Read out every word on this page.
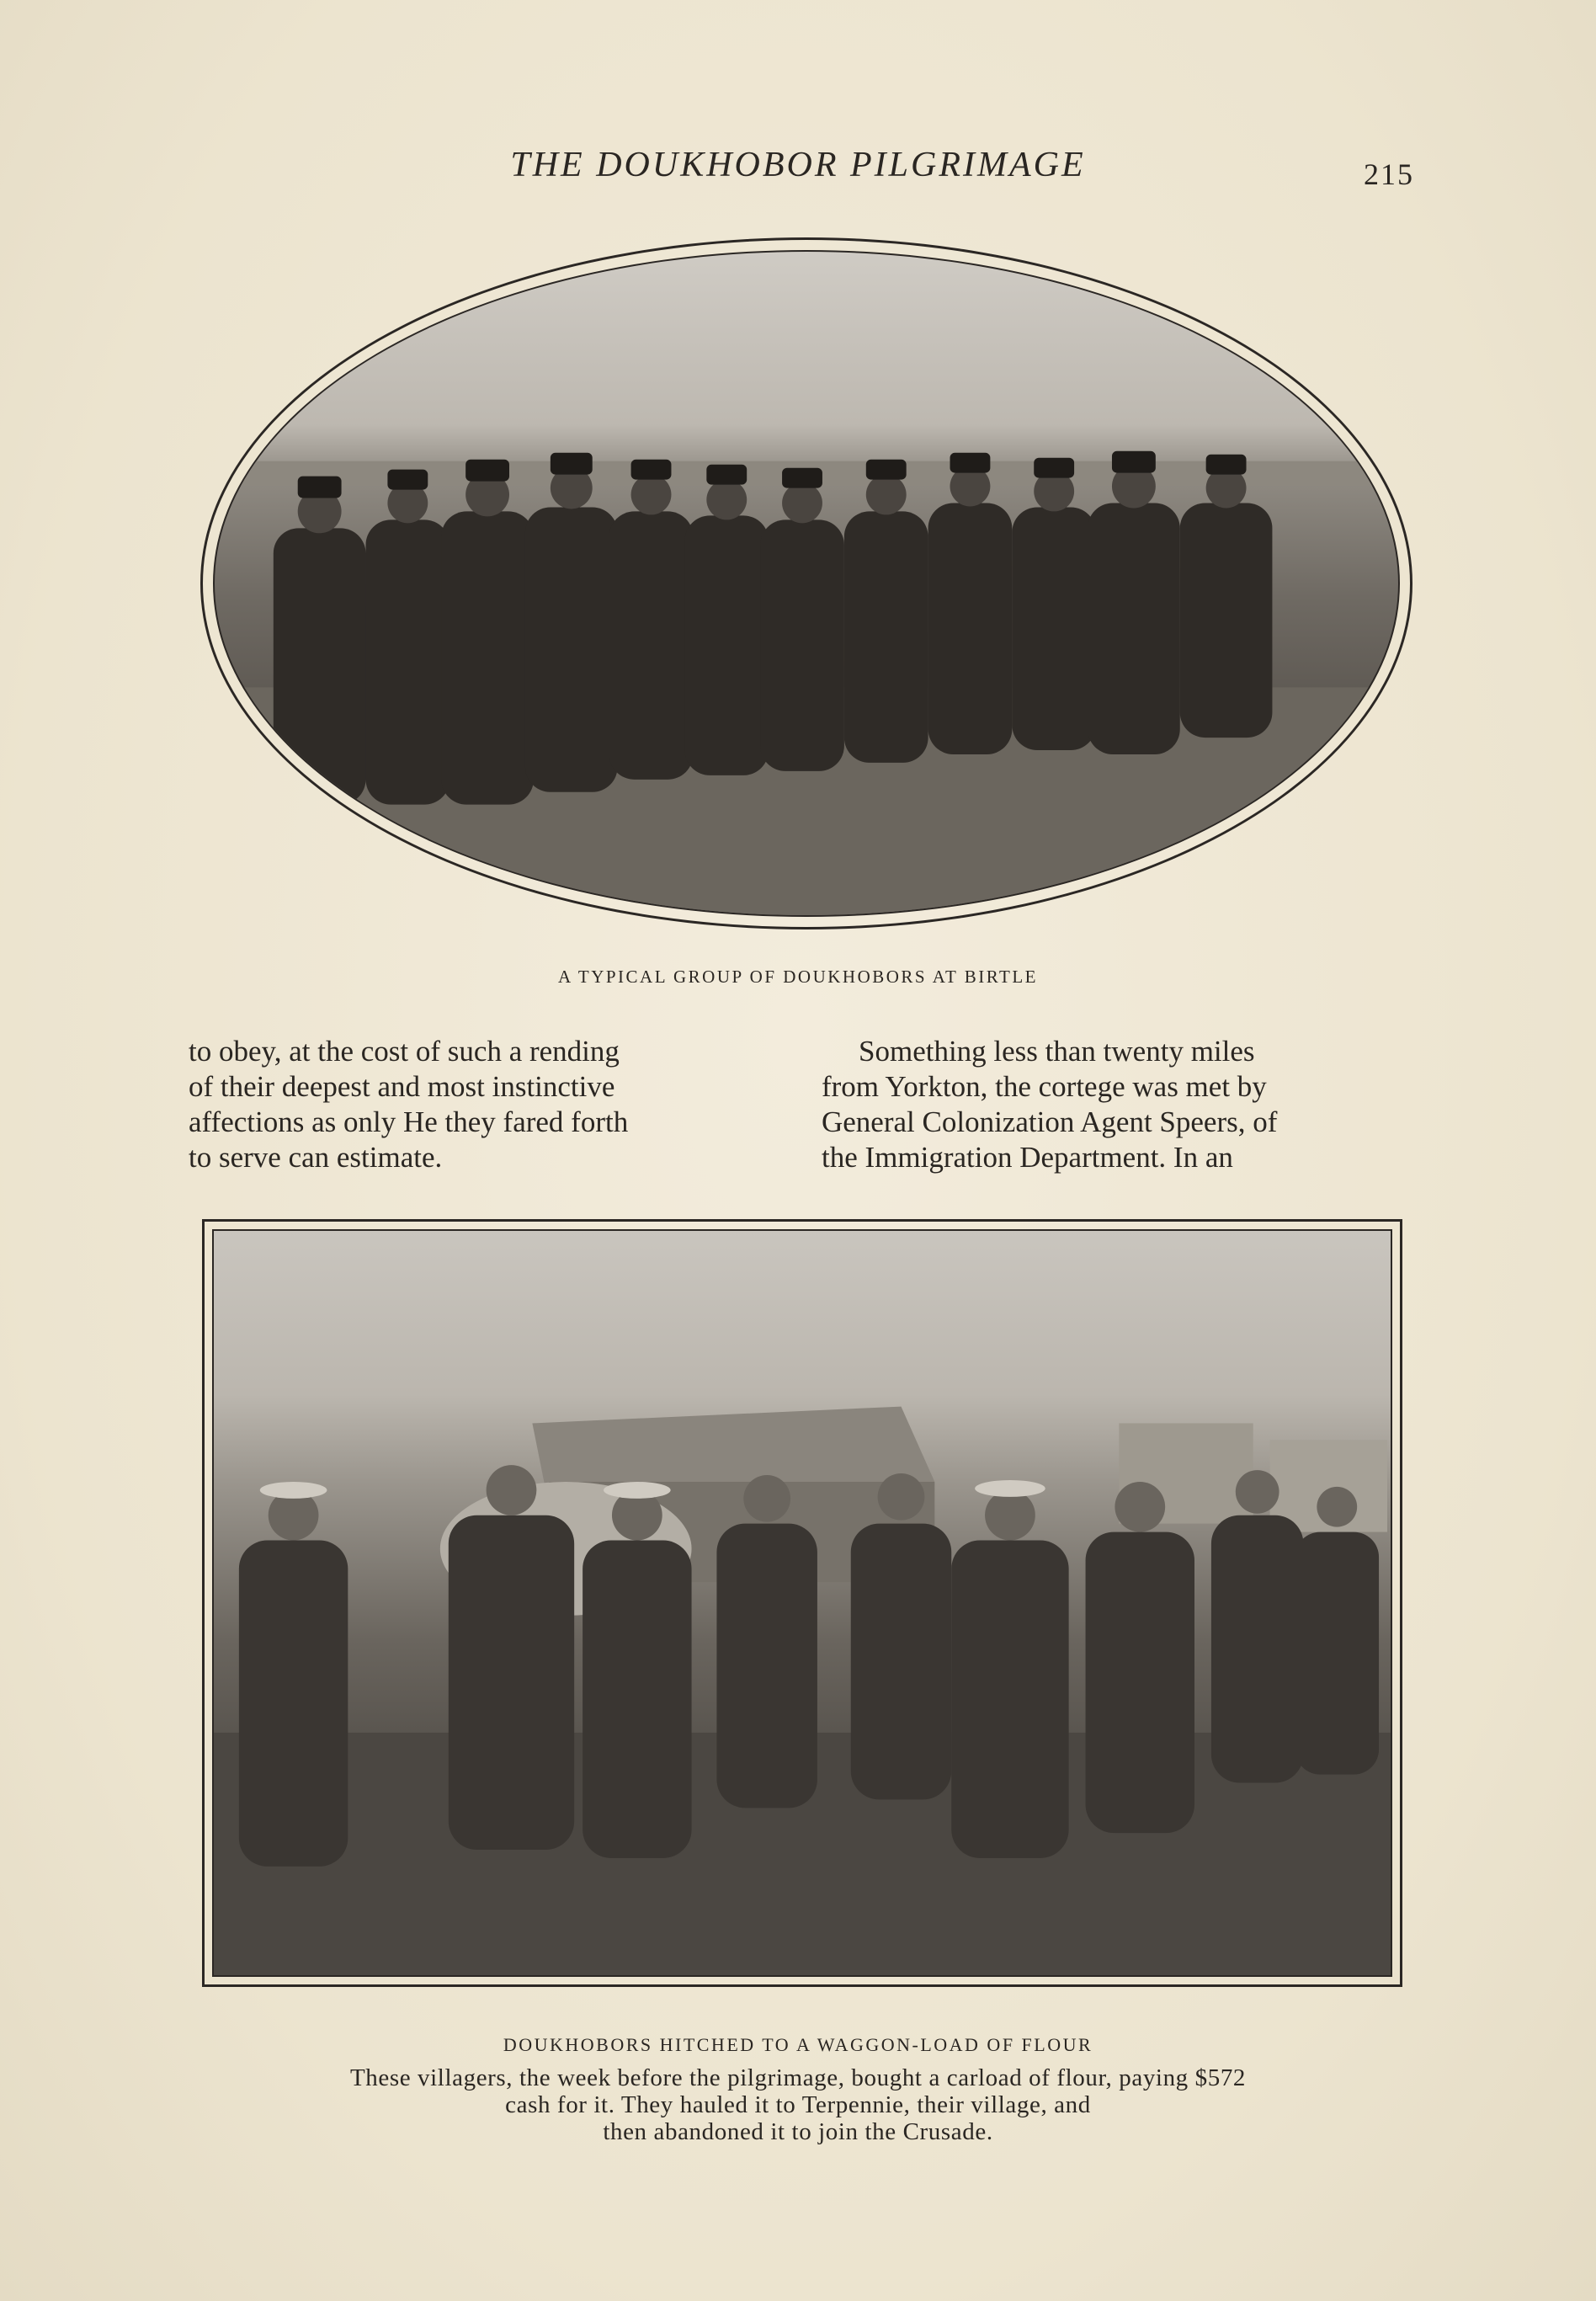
THE DOUKHOBOR PILGRIMAGE	215
A TYPICAL GROUP OF DOUKHOBORS AT BIRTLE

to obey, at the cost of such a rending

of their deepest and most instinctive

affections as only He they fared forth

to serve can estimate.

Something less than twenty miles

from Yorkton, the cortege was met by

General Colonization Agent Speers, of

the Immigration Department. In an

DOUKHOBORS HITCHED TO A WAGGON-LOAD OF FLOUR
These villagers, the week before the pilgrimage, bought a carload of flour, paying $572
cash for it. They hauled it to Terpennie, their village, and
then abandoned it to join the Crusade.
